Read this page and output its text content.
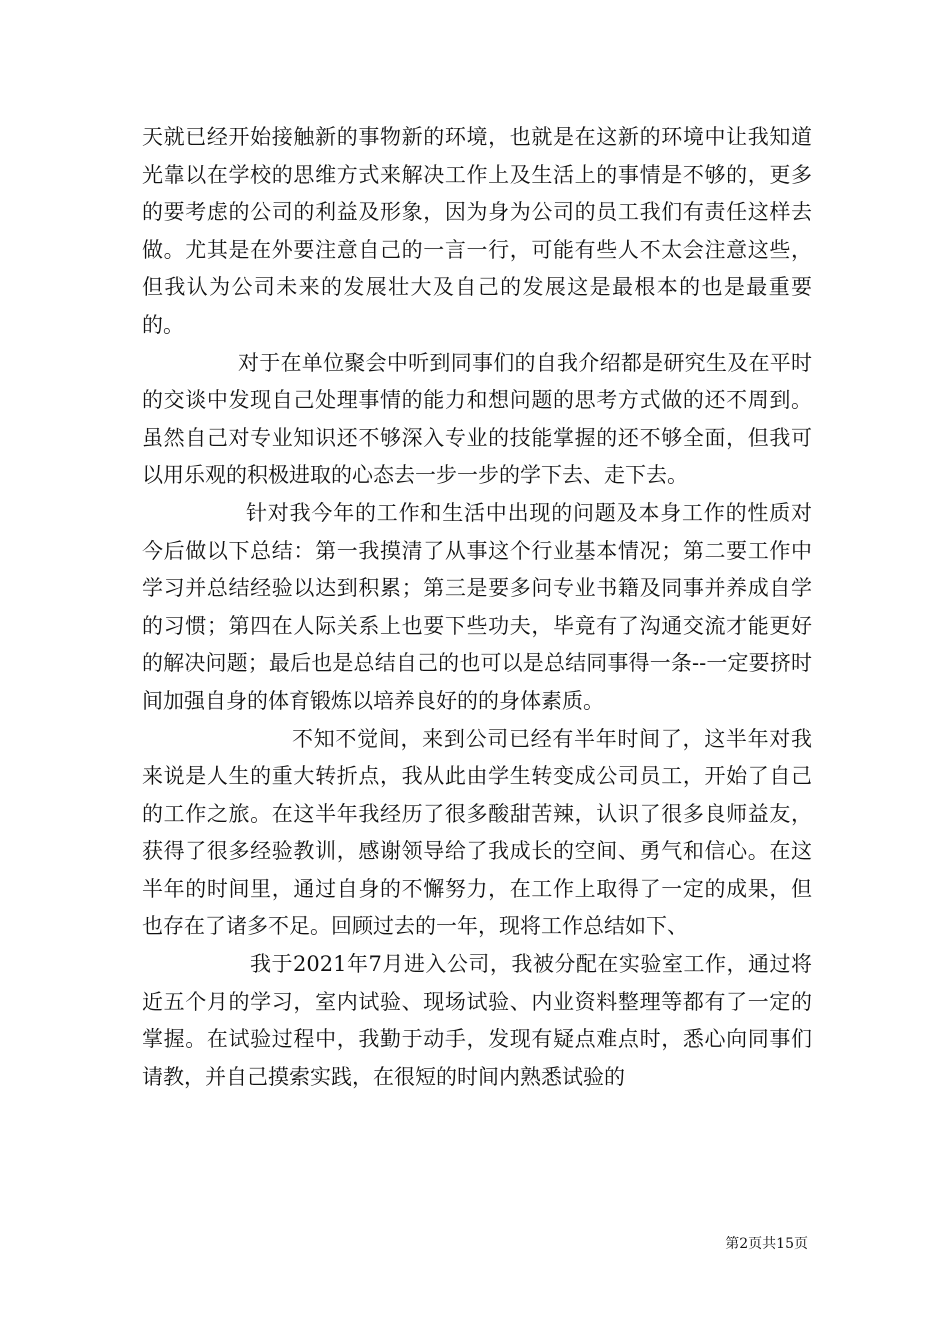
天就已经开始接触新的事物新的环境，也就是在这新的环境中让我知道光靠以在学校的思维方式来解决工作上及生活上的事情是不够的，更多的要考虑的公司的利益及形象，因为身为公司的员工我们有责任这样去做。尤其是在外要注意自己的一言一行，可能有些人不太会注意这些，但我认为公司未来的发展壮大及自己的发展这是最根本的也是最重要的。

对于在单位聚会中听到同事们的自我介绍都是研究生及在平时的交谈中发现自己处理事情的能力和想问题的思考方式做的还不周到。虽然自己对专业知识还不够深入专业的技能掌握的还不够全面，但我可以用乐观的积极进取的心态去一步一步的学下去、走下去。

针对我今年的工作和生活中出现的问题及本身工作的性质对今后做以下总结：第一我摸清了从事这个行业基本情况；第二要工作中学习并总结经验以达到积累；第三是要多问专业书籍及同事并养成自学的习惯；第四在人际关系上也要下些功夫，毕竟有了沟通交流才能更好的解决问题；最后也是总结自己的也可以是总结同事得一条--一定要挤时间加强自身的体育锻炼以培养良好的的身体素质。

不知不觉间，来到公司已经有半年时间了，这半年对我来说是人生的重大转折点，我从此由学生转变成公司员工，开始了自己的工作之旅。在这半年我经历了很多酸甜苦辣，认识了很多良师益友，获得了很多经验教训，感谢领导给了我成长的空间、勇气和信心。在这半年的时间里，通过自身的不懈努力，在工作上取得了一定的成果，但也存在了诸多不足。回顾过去的一年，现将工作总结如下、

我于2021年7月进入公司，我被分配在实验室工作，通过将近五个月的学习，室内试验、现场试验、内业资料整理等都有了一定的掌握。在试验过程中，我勤于动手，发现有疑点难点时，悉心向同事们请教，并自己摸索实践，在很短的时间内熟悉试验的

第2页共15页
